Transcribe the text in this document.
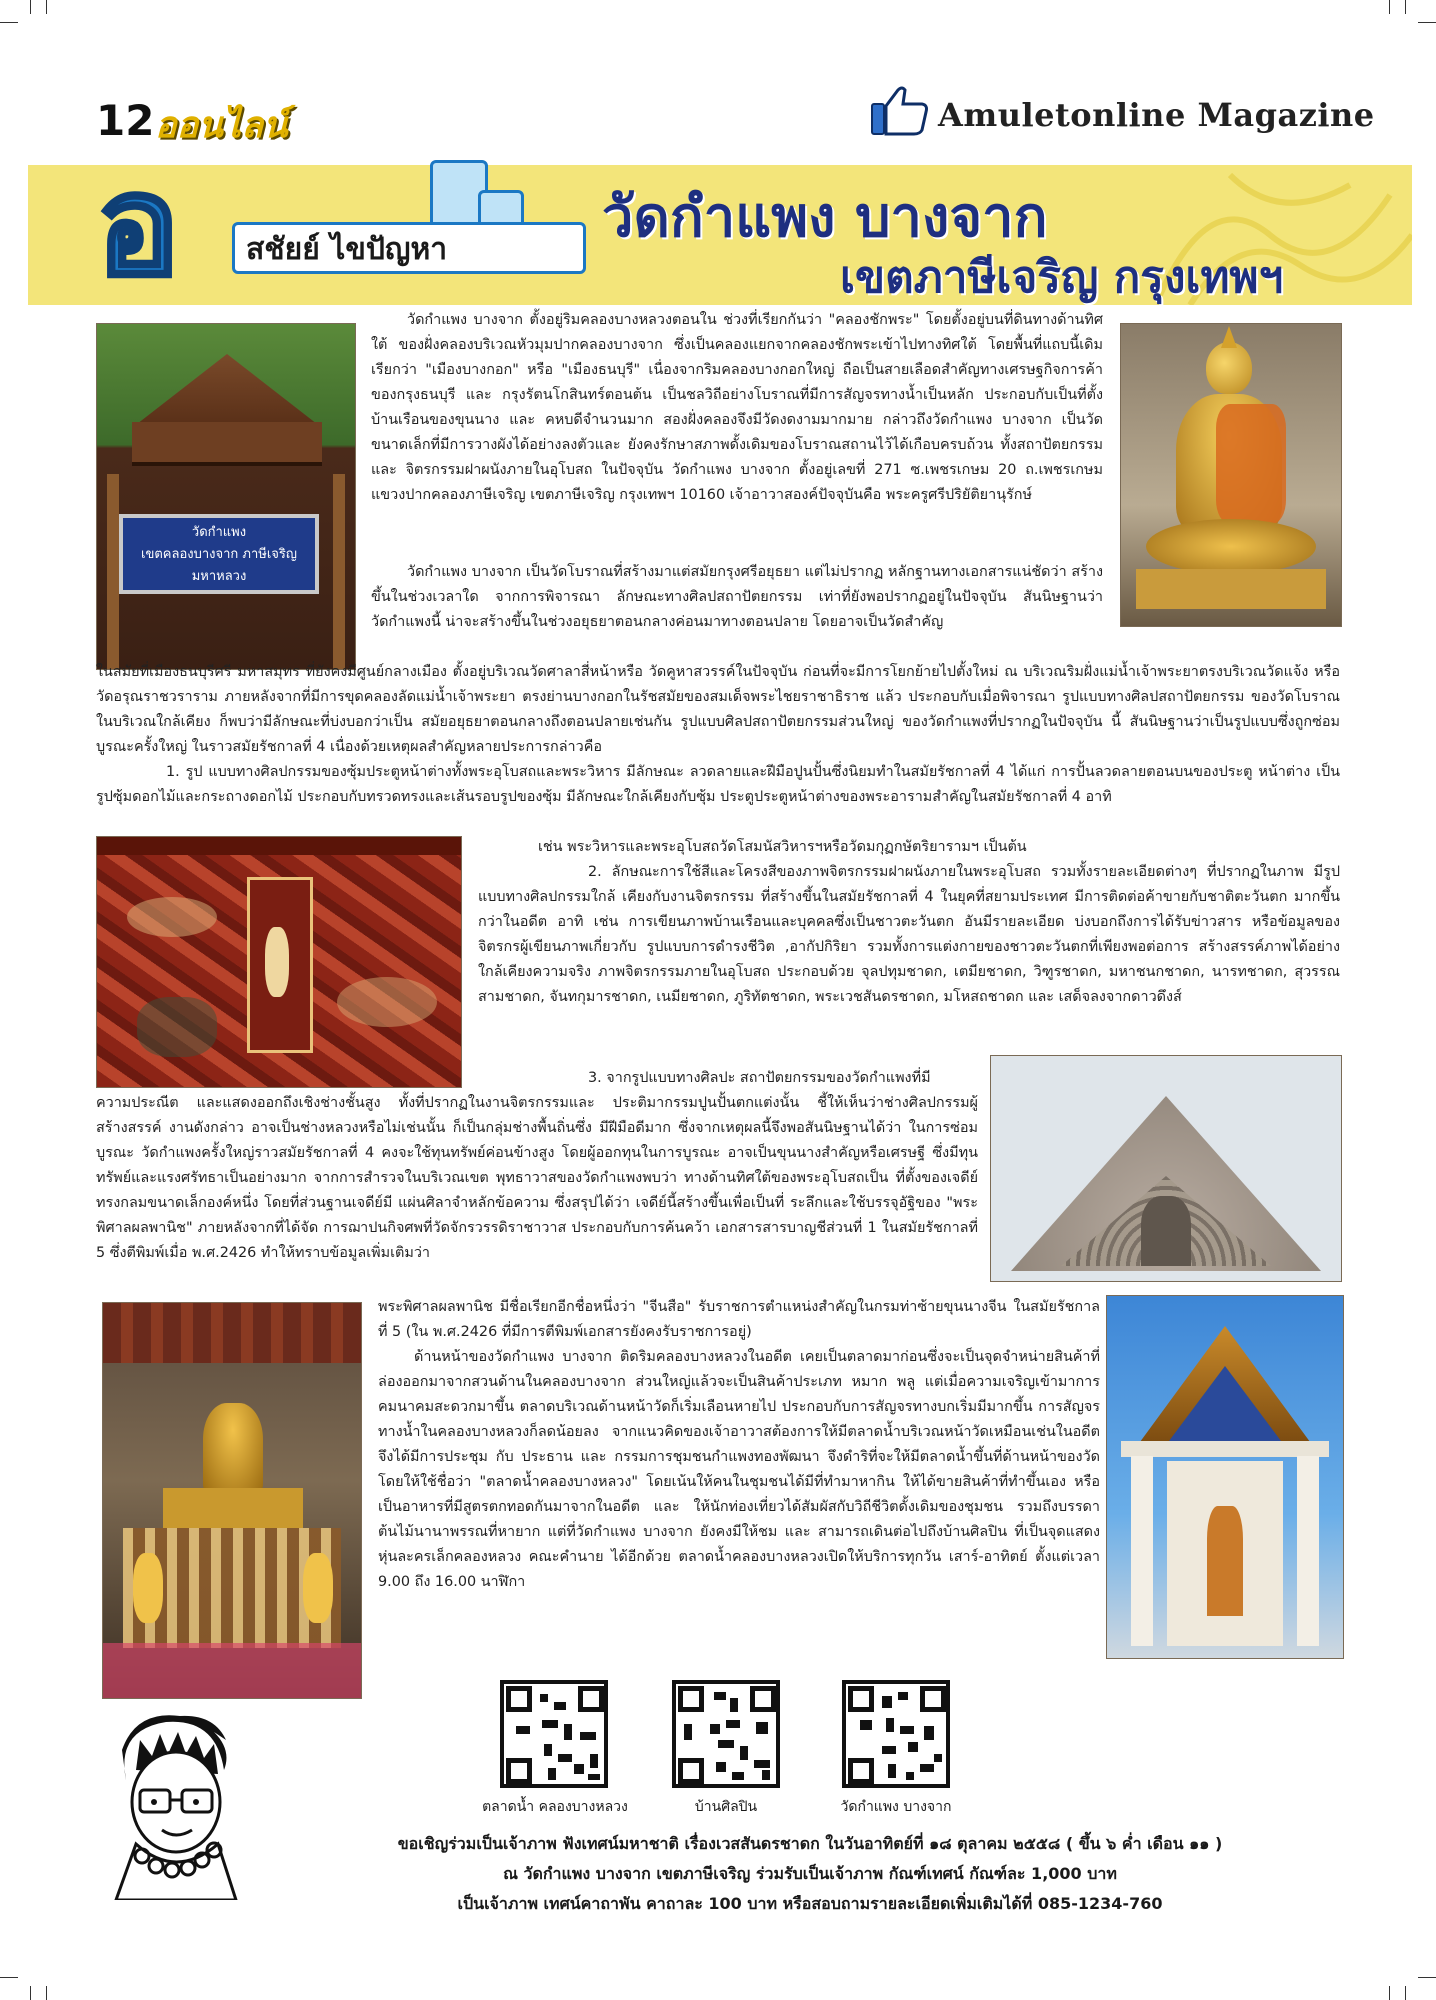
12 ออนไลน์	Amuletonline Magazine
อ สชัยย์ ไขปัญหา	วัดกำแพง บางจาก
เขตภาษีเจริญ กรุงเทพฯ
วัดกำแพง
เขตคลองบางจาก ภาษีเจริญ
มหาหลวง

วัดกำแพง บางจาก ตั้งอยู่ริมคลองบางหลวงตอนใน ช่วงที่เรียกกันว่า "คลองชักพระ" โดยตั้งอยู่บนที่ดินทางด้านทิศใต้ ของฝั่งคลองบริเวณหัวมุมปากคลองบางจาก ซึ่งเป็นคลองแยกจากคลองชักพระเข้าไปทางทิศใต้ โดยพื้นที่แถบนี้เดิมเรียกว่า "เมืองบางกอก" หรือ "เมืองธนบุรี" เนื่องจากริมคลองบางกอกใหญ่ ถือเป็นสายเลือดสำคัญทางเศรษฐกิจการค้าของกรุงธนบุรี และ กรุงรัตนโกสินทร์ตอนต้น เป็นชลวิถีอย่างโบราณที่มีการสัญจรทางน้ำเป็นหลัก ประกอบกับเป็นที่ตั้งบ้านเรือนของขุนนาง และ คหบดีจำนวนมาก สองฝั่งคลองจึงมีวัดงดงามมากมาย กล่าวถึงวัดกำแพง บางจาก เป็นวัดขนาดเล็กที่มีการวางผังได้อย่างลงตัวและ ยังคงรักษาสภาพดั้งเดิมของโบราณสถานไว้ได้เกือบครบถ้วน ทั้งสถาปัตยกรรม และ จิตรกรรมฝาผนังภายในอุโบสถ ในปัจจุบัน วัดกำแพง บางจาก ตั้งอยู่เลขที่ 271 ซ.เพชรเกษม 20 ถ.เพชรเกษม แขวงปากคลองภาษีเจริญ เขตภาษีเจริญ กรุงเทพฯ 10160 เจ้าอาวาสองค์ปัจจุบันคือ พระครูศรีปริยัติยานุรักษ์

วัดกำแพง บางจาก เป็นวัดโบราณที่สร้างมาแต่สมัยกรุงศรีอยุธยา แต่ไม่ปรากฏ หลักฐานทางเอกสารแน่ชัดว่า สร้างขึ้นในช่วงเวลาใด จากการพิจารณา ลักษณะทางศิลปสถาปัตยกรรม เท่าที่ยังพอปรากฏอยู่ในปัจจุบัน สันนิษฐานว่าวัดกำแพงนี้ น่าจะสร้างขึ้นในช่วงอยุธยาตอนกลางค่อนมาทางตอนปลาย โดยอาจเป็นวัดสำคัญ

ในสมัยที่เมืองธนบุรีศรี มหาสมุทร ที่ยังคงมีศูนย์กลางเมือง ตั้งอยู่บริเวณวัดศาลาสี่หน้าหรือ วัดคูหาสวรรค์ในปัจจุบัน ก่อนที่จะมีการโยกย้ายไปตั้งใหม่ ณ บริเวณริมฝั่งแม่น้ำเจ้าพระยาตรงบริเวณวัดแจ้ง หรือวัดอรุณราชวราราม ภายหลังจากที่มีการขุดคลองลัดแม่น้ำเจ้าพระยา ตรงย่านบางกอกในรัชสมัยของสมเด็จพระไชยราชาธิราช แล้ว ประกอบกับเมื่อพิจารณา รูปแบบทางศิลปสถาปัตยกรรม ของวัดโบราณในบริเวณใกล้เคียง ก็พบว่ามีลักษณะที่บ่งบอกว่าเป็น สมัยอยุธยาตอนกลางถึงตอนปลายเช่นกัน รูปแบบศิลปสถาปัตยกรรมส่วนใหญ่ ของวัดกำแพงที่ปรากฏในปัจจุบัน นี้ สันนิษฐานว่าเป็นรูปแบบซึ่งถูกซ่อมบูรณะครั้งใหญ่ ในราวสมัยรัชกาลที่ 4 เนื่องด้วยเหตุผลสำคัญหลายประการกล่าวคือ

1. รูป แบบทางศิลปกรรมของซุ้มประตูหน้าต่างทั้งพระอุโบสถและพระวิหาร มีลักษณะ ลวดลายและฝีมือปูนปั้นซึ่งนิยมทำในสมัยรัชกาลที่ 4 ได้แก่ การปั้นลวดลายตอนบนของประตู หน้าต่าง เป็นรูปซุ้มดอกไม้และกระถางดอกไม้ ประกอบกับทรวดทรงและเส้นรอบรูปของซุ้ม มีลักษณะใกล้เคียงกับซุ้ม ประตูประตูหน้าต่างของพระอารามสำคัญในสมัยรัชกาลที่ 4 อาทิ

เช่น พระวิหารและพระอุโบสถวัดโสมนัสวิหารฯหรือวัดมกุฏกษัตริยารามฯ เป็นต้น

2. ลักษณะการใช้สีและโครงสีของภาพจิตรกรรมฝาผนังภายในพระอุโบสถ รวมทั้งรายละเอียดต่างๆ ที่ปรากฏในภาพ มีรูปแบบทางศิลปกรรมใกล้ เคียงกับงานจิตรกรรม ที่สร้างขึ้นในสมัยรัชกาลที่ 4 ในยุคที่สยามประเทศ มีการติดต่อค้าขายกับชาติตะวันตก มากขึ้นกว่าในอดีต อาทิ เช่น การเขียนภาพบ้านเรือนและบุคคลซึ่งเป็นชาวตะวันตก อันมีรายละเอียด บ่งบอกถึงการได้รับข่าวสาร หรือข้อมูลของจิตรกรผู้เขียนภาพเกี่ยวกับ รูปแบบการดำรงชีวิต ,อากัปกิริยา รวมทั้งการแต่งกายของชาวตะวันตกที่เพียงพอต่อการ สร้างสรรค์ภาพได้อย่างใกล้เคียงความจริง ภาพจิตรกรรมภายในอุโบสถ ประกอบด้วย จุลปทุมชาดก, เตมียชาดก, วิฑูรชาดก, มหาชนกชาดก, นารทชาดก, สุวรรณสามชาดก, จันทกุมารชาดก, เนมียชาดก, ภูริทัตชาดก, พระเวชสันดรชาดก, มโหสถชาดก และ เสด็จลงจากดาวดึงส์

3. จากรูปแบบทางศิลปะ สถาปัตยกรรมของวัดกำแพงที่มี

ความประณีต และแสดงออกถึงเชิงช่างชั้นสูง ทั้งที่ปรากฏในงานจิตรกรรมและ ประติมากรรมปูนปั้นตกแต่งนั้น ชี้ให้เห็นว่าช่างศิลปกรรมผู้สร้างสรรค์ งานดังกล่าว อาจเป็นช่างหลวงหรือไม่เช่นนั้น ก็เป็นกลุ่มช่างพื้นถิ่นซึ่ง มีฝีมือดีมาก ซึ่งจากเหตุผลนี้จึงพอสันนิษฐานได้ว่า ในการซ่อมบูรณะ วัดกำแพงครั้งใหญ่ราวสมัยรัชกาลที่ 4 คงจะใช้ทุนทรัพย์ค่อนข้างสูง โดยผู้ออกทุนในการบูรณะ อาจเป็นขุนนางสำคัญหรือเศรษฐี ซึ่งมีทุน ทรัพย์และแรงศรัทธาเป็นอย่างมาก จากการสำรวจในบริเวณเขต พุทธาวาสของวัดกำแพงพบว่า ทางด้านทิศใต้ของพระอุโบสถเป็น ที่ตั้งของเจดีย์ทรงกลมขนาดเล็กองค์หนึ่ง โดยที่ส่วนฐานเจดีย์มี แผ่นศิลาจำหลักข้อความ ซึ่งสรุปได้ว่า เจดีย์นี้สร้างขึ้นเพื่อเป็นที่ ระลึกและใช้บรรจุอัฐิของ "พระพิศาลผลพานิช" ภายหลังจากที่ได้จัด การฌาปนกิจศพที่วัดจักรวรรดิราชาวาส ประกอบกับการค้นคว้า เอกสารสารบาญชีส่วนที่ 1 ในสมัยรัชกาลที่ 5 ซึ่งตีพิมพ์เมื่อ พ.ศ.2426 ทำให้ทราบข้อมูลเพิ่มเติมว่า

พระพิศาลผลพานิช มีชื่อเรียกอีกชื่อหนึ่งว่า "จีนสือ" รับราชการตำแหน่งสำคัญในกรมท่าซ้ายขุนนางจีน ในสมัยรัชกาลที่ 5 (ใน พ.ศ.2426 ที่มีการตีพิมพ์เอกสารยังคงรับราชการอยู่)

ด้านหน้าของวัดกำแพง บางจาก ติดริมคลองบางหลวงในอดีต เคยเป็นตลาดมาก่อนซึ่งจะเป็นจุดจำหน่ายสินค้าที่ล่องออกมาจากสวนด้านในคลองบางจาก ส่วนใหญ่แล้วจะเป็นสินค้าประเภท หมาก พลู แต่เมื่อความเจริญเข้ามาการคมนาคมสะดวกมาขึ้น ตลาดบริเวณด้านหน้าวัดก็เริ่มเลือนหายไป ประกอบกับการสัญจรทางบกเริ่มมีมากขึ้น การสัญจรทางน้ำในคลองบางหลวงก็ลดน้อยลง จากแนวคิดของเจ้าอาวาสต้องการให้มีตลาดน้ำบริเวณหน้าวัดเหมือนเช่นในอดีต จึงได้มีการประชุม กับ ประธาน และ กรรมการชุมชนกำแพงทองพัฒนา จึงดำริที่จะให้มีตลาดน้ำขึ้นที่ด้านหน้าของวัดโดยให้ใช้ชื่อว่า "ตลาดน้ำคลองบางหลวง" โดยเน้นให้คนในชุมชนได้มีที่ทำมาหากิน ให้ได้ขายสินค้าที่ทำขึ้นเอง หรือ เป็นอาหารที่มีสูตรตกทอดกันมาจากในอดีต และ ให้นักท่องเที่ยวได้สัมผัสกับวิถีชีวิตดั้งเดิมของชุมชน รวมถึงบรรดาต้นไม้นานาพรรณที่หายาก แต่ที่วัดกำแพง บางจาก ยังคงมีให้ชม และ สามารถเดินต่อไปถึงบ้านศิลปิน ที่เป็นจุดแสดงหุ่นละครเล็กคลองหลวง คณะคำนาย ได้อีกด้วย ตลาดน้ำคลองบางหลวงเปิดให้บริการทุกวัน เสาร์-อาทิตย์ ตั้งแต่เวลา 9.00 ถึง 16.00 นาฬิกา

ตลาดน้ำ คลองบางหลวง	บ้านศิลปิน	วัดกำแพง บางจาก
ขอเชิญร่วมเป็นเจ้าภาพ ฟังเทศน์มหาชาติ เรื่องเวสสันดรชาดก ในวันอาทิตย์ที่ ๑๘ ตุลาคม ๒๕๕๘ ( ขึ้น ๖ ค่ำ เดือน ๑๑ )
ณ วัดกำแพง บางจาก เขตภาษีเจริญ ร่วมรับเป็นเจ้าภาพ กัณฑ์เทศน์ กัณฑ์ละ 1,000 บาท
เป็นเจ้าภาพ เทศน์คาถาพัน คาถาละ 100 บาท หรือสอบถามรายละเอียดเพิ่มเติมได้ที่ 085-1234-760
